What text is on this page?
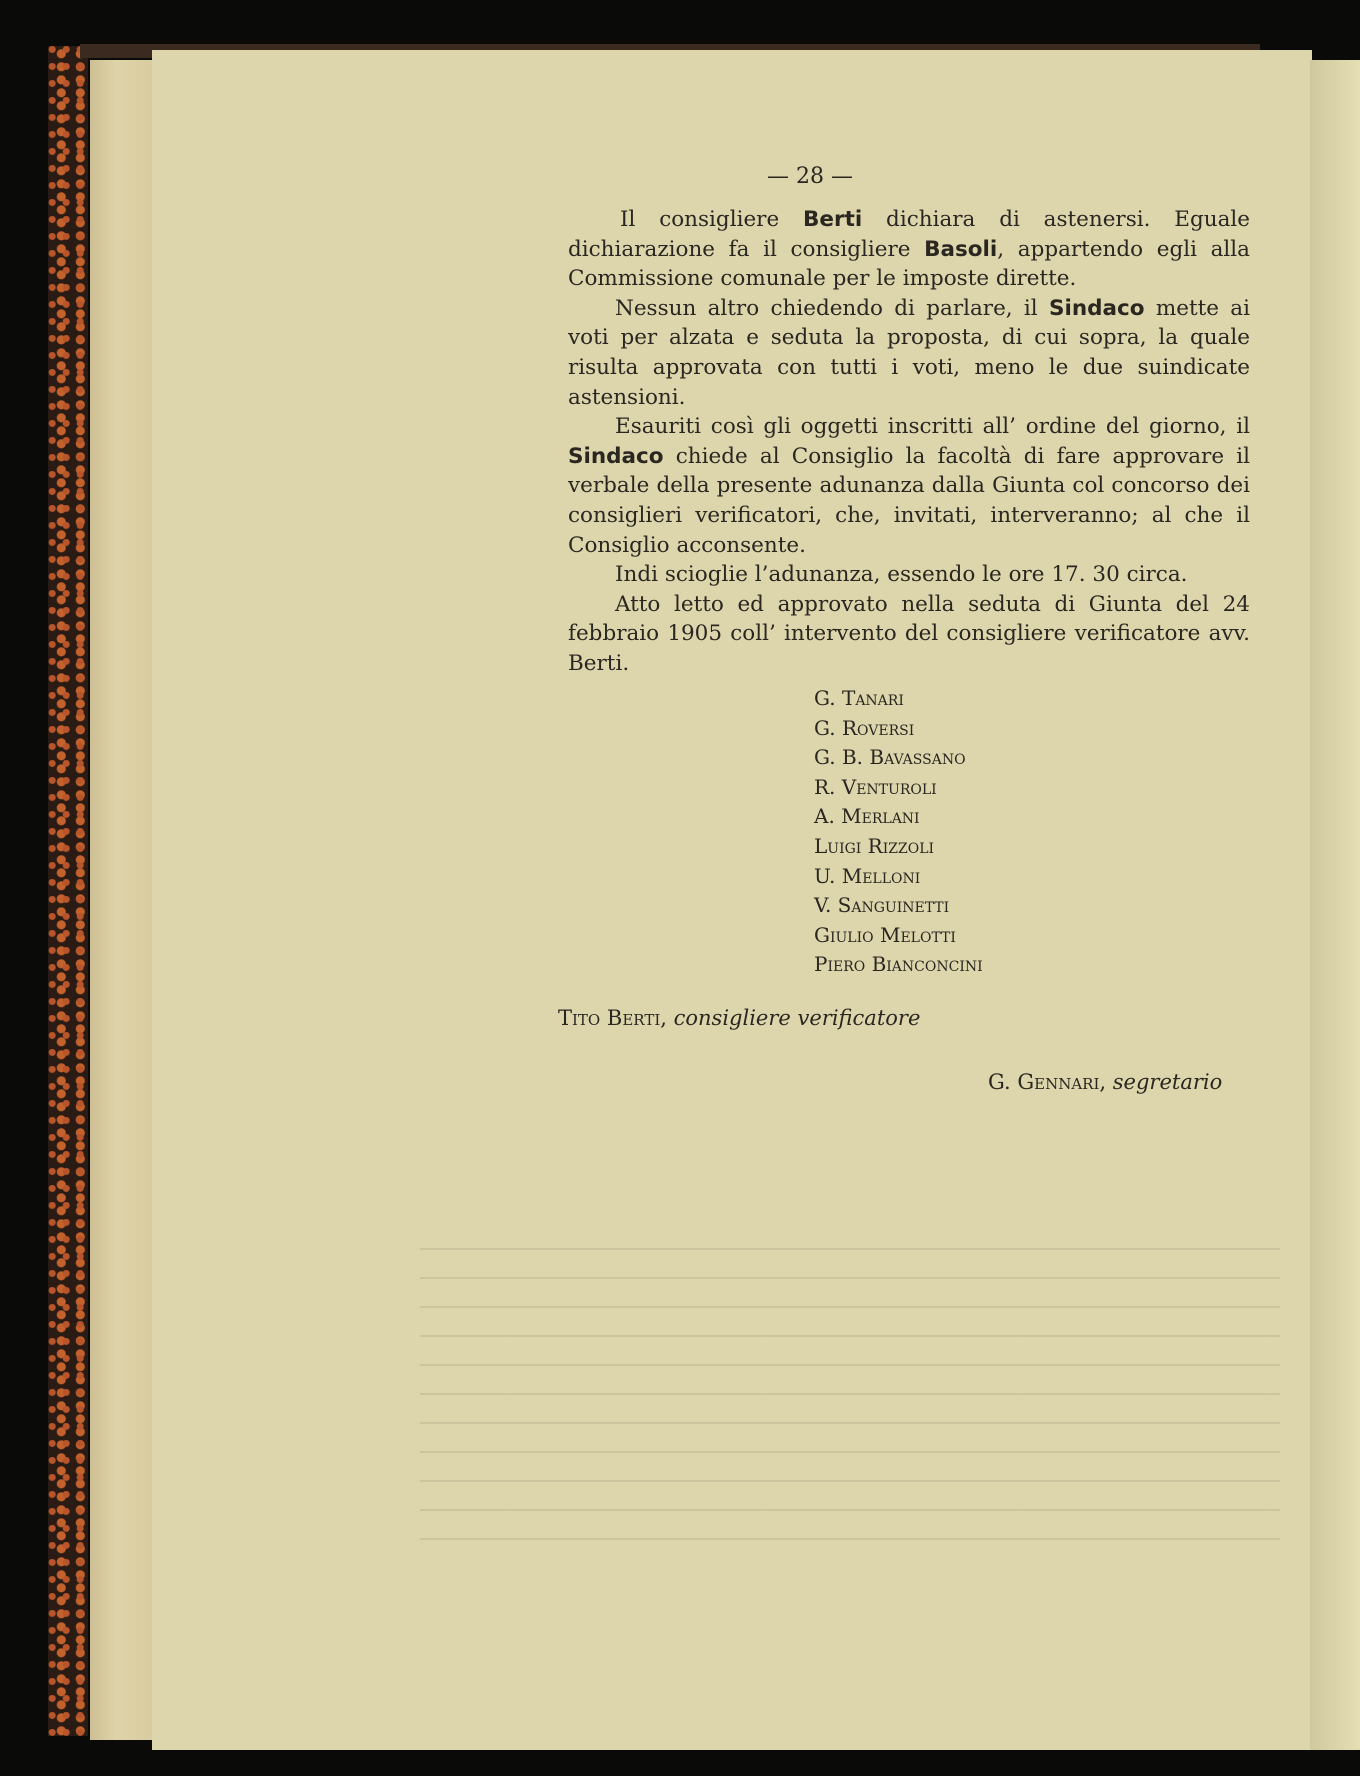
— 28 —

Il consigliere Berti dichiara di astenersi. Eguale dichiarazione fa il consigliere Basoli, appartendo egli alla Commissione comunale per le imposte dirette.

Nessun altro chiedendo di parlare, il Sindaco mette ai voti per alzata e seduta la proposta, di cui sopra, la quale risulta approvata con tutti i voti, meno le due suindicate astensioni.

Esauriti così gli oggetti inscritti all’ ordine del giorno, il Sindaco chiede al Consiglio la facoltà di fare approvare il verbale della presente adunanza dalla Giunta col concorso dei consiglieri verificatori, che, invitati, interveranno; al che il Consiglio acconsente.

Indi scioglie l’adunanza, essendo le ore 17. 30 circa.

Atto letto ed approvato nella seduta di Giunta del 24 febbraio 1905 coll’ intervento del consigliere verificatore avv. Berti.

G. Tanari
G. Roversi
G. B. Bavassano
R. Venturoli
A. Merlani
Luigi Rizzoli
U. Melloni
V. Sanguinetti
Giulio Melotti
Piero Bianconcini
Tito Berti, consigliere verificatore
G. Gennari, segretario
